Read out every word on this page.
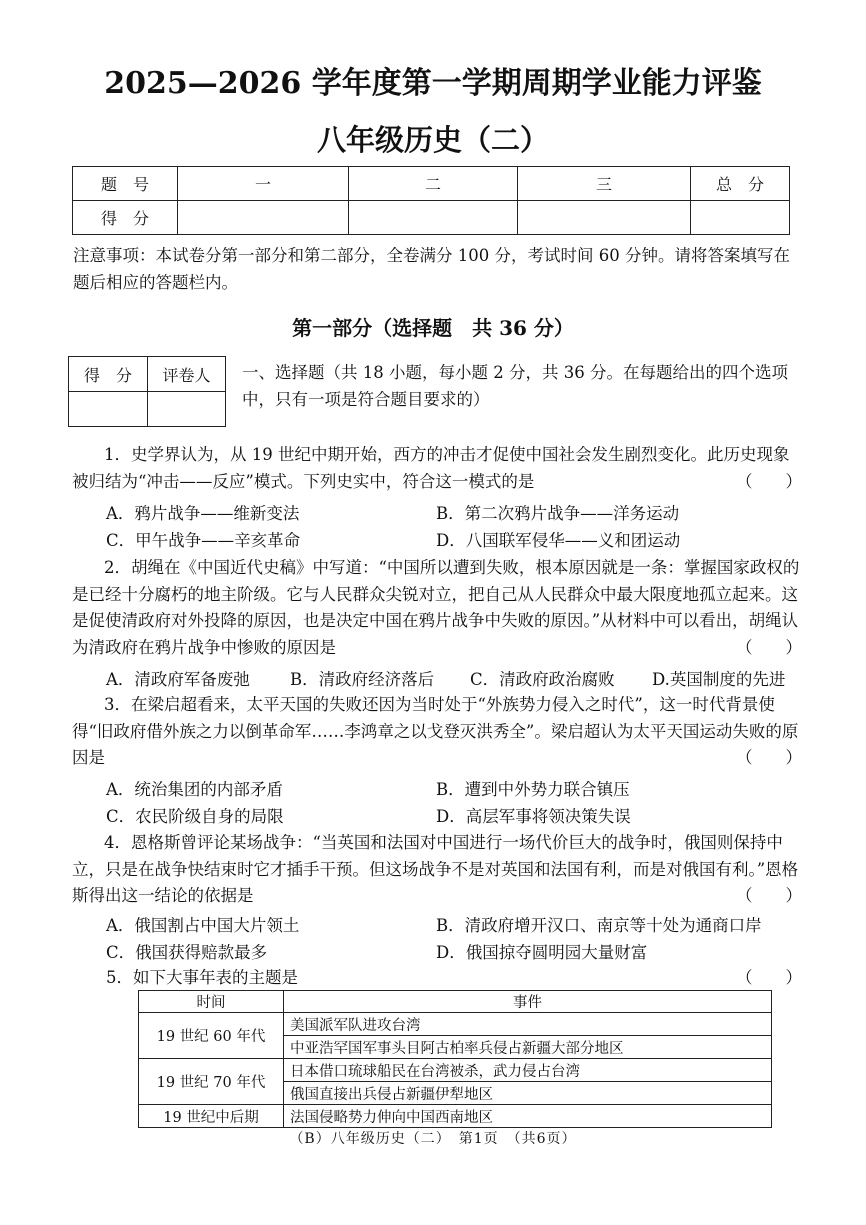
2025—2026 学年度第一学期周期学业能力评鉴
八年级历史（二）
题　号	一	二	三	总　分
得　分				
注意事项：本试卷分第一部分和第二部分，全卷满分 100 分，考试时间 60 分钟。请将答案填写在题后相应的答题栏内。
第一部分（选择题　共 36 分）
得　分	评卷人
	一、选择题（共 18 小题，每小题 2 分，共 36 分。在每题给出的四个选项中，只有一项是符合题目要求的）
1．史学界认为，从 19 世纪中期开始，西方的冲击才促使中国社会发生剧烈变化。此历史现象被归结为“冲击——反应”模式。下列史实中，符合这一模式的是	（　　）
A．鸦片战争——维新变法	B．第二次鸦片战争——洋务运动
C．甲午战争——辛亥革命	D．八国联军侵华——义和团运动
2．胡绳在《中国近代史稿》中写道：“中国所以遭到失败，根本原因就是一条：掌握国家政权的是已经十分腐朽的地主阶级。它与人民群众尖锐对立，把自己从人民群众中最大限度地孤立起来。这是促使清政府对外投降的原因，也是决定中国在鸦片战争中失败的原因。”从材料中可以看出，胡绳认为清政府在鸦片战争中惨败的原因是	（　　）
A．清政府军备废弛 B．清政府经济落后 C．清政府政治腐败 D.英国制度的先进
3．在梁启超看来，太平天国的失败还因为当时处于“外族势力侵入之时代”，这一时代背景使得“旧政府借外族之力以倒革命军……李鸿章之以戈登灭洪秀全”。梁启超认为太平天国运动失败的原因是	（　　）
A．统治集团的内部矛盾	B．遭到中外势力联合镇压
C．农民阶级自身的局限	D．高层军事将领决策失误
4．恩格斯曾评论某场战争：“当英国和法国对中国进行一场代价巨大的战争时，俄国则保持中立，只是在战争快结束时它才插手干预。但这场战争不是对英国和法国有利，而是对俄国有利。”恩格斯得出这一结论的依据是	（　　）
A．俄国割占中国大片领土	B．清政府增开汉口、南京等十处为通商口岸
C．俄国获得赔款最多	D．俄国掠夺圆明园大量财富
5．如下大事年表的主题是	（　　）
时间	事件
19 世纪 60 年代	美国派军队进攻台湾
	中亚浩罕国军事头目阿古柏率兵侵占新疆大部分地区
19 世纪 70 年代	日本借口琉球船民在台湾被杀，武力侵占台湾
	俄国直接出兵侵占新疆伊犁地区
19 世纪中后期	法国侵略势力伸向中国西南地区
（B）八年级历史（二）　第1页　（共6页）
